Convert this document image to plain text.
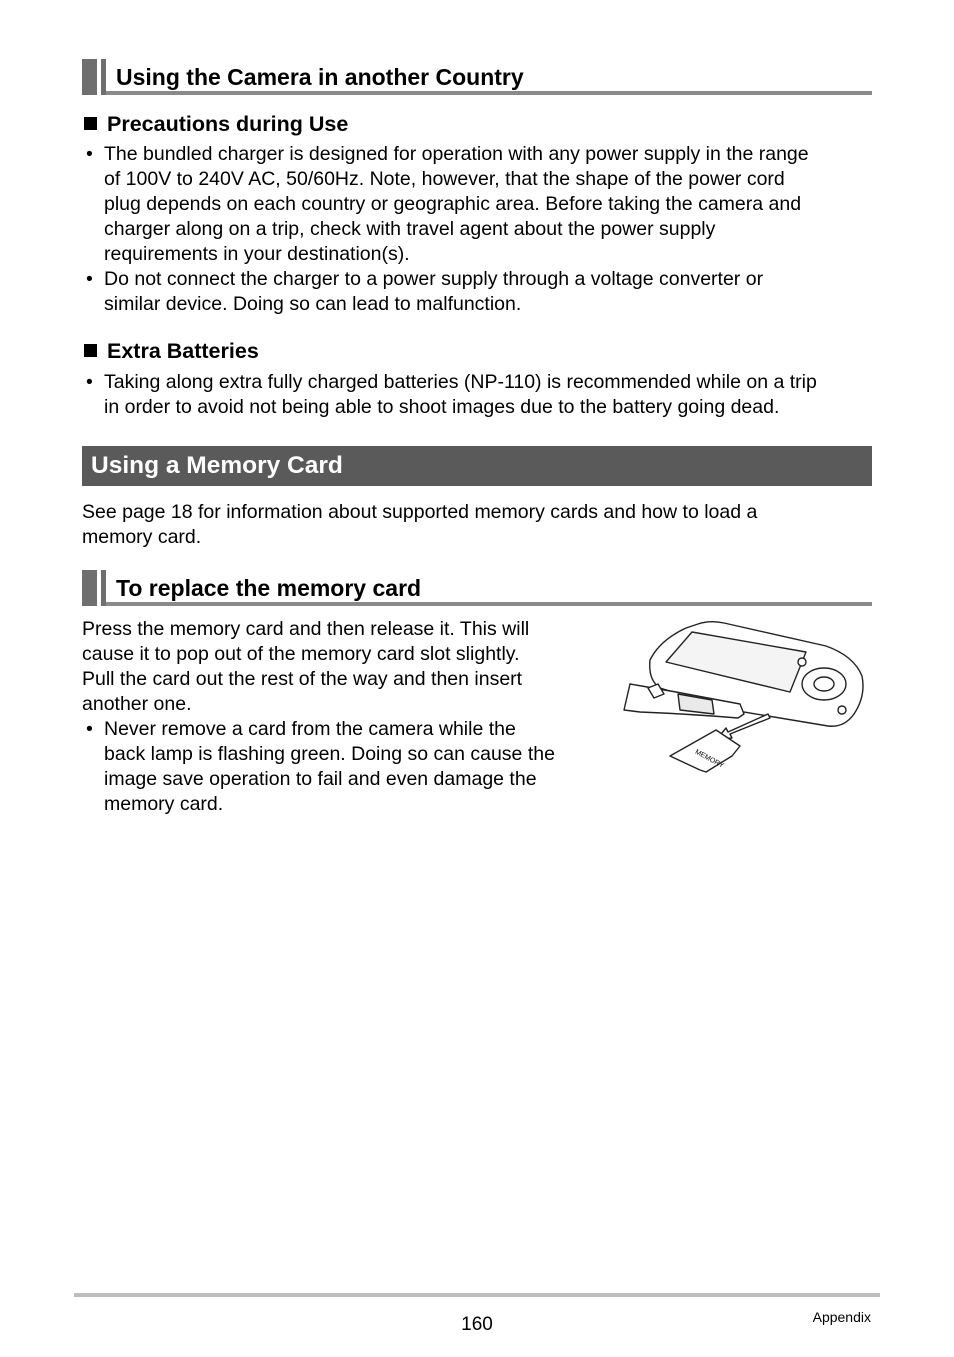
Using the Camera in another Country
Precautions during Use
• The bundled charger is designed for operation with any power supply in the range
of 100V to 240V AC, 50/60Hz. Note, however, that the shape of the power cord
plug depends on each country or geographic area. Before taking the camera and
charger along on a trip, check with travel agent about the power supply
requirements in your destination(s).
• Do not connect the charger to a power supply through a voltage converter or
similar device. Doing so can lead to malfunction.
Extra Batteries
• Taking along extra fully charged batteries (NP-110) is recommended while on a trip
in order to avoid not being able to shoot images due to the battery going dead.
Using a Memory Card
See page 18 for information about supported memory cards and how to load a
memory card.
To replace the memory card
Press the memory card and then release it. This will
cause it to pop out of the memory card slot slightly.
Pull the card out the rest of the way and then insert
another one.
• Never remove a card from the camera while the
back lamp is flashing green. Doing so can cause the
image save operation to fail and even damage the
memory card.
MEMORY
160	Appendix
